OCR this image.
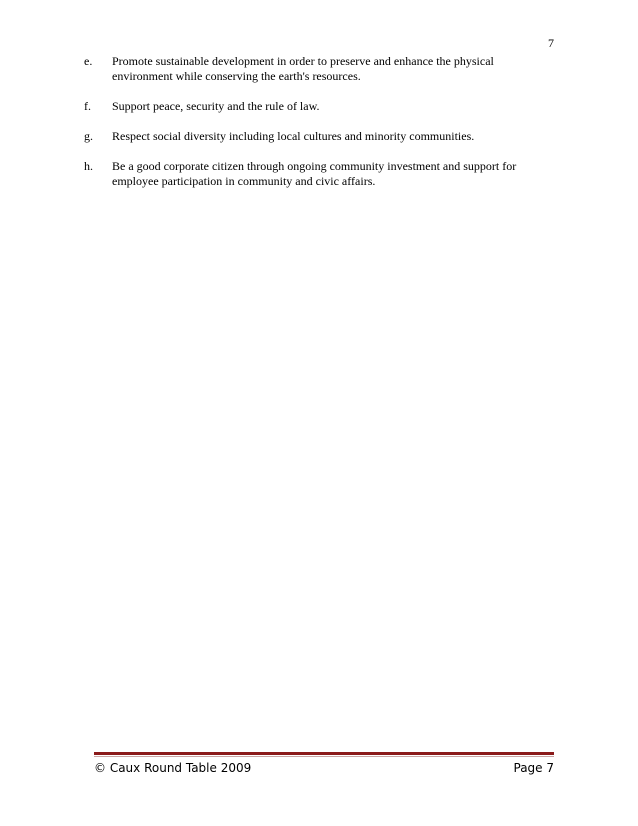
7
e.	Promote sustainable development in order to preserve and enhance the physical environment while conserving the earth's resources.
f.	Support peace, security and the rule of law.
g.	Respect social diversity including local cultures and minority communities.
h.	Be a good corporate citizen through ongoing community investment and support for employee participation in community and civic affairs.
© Caux Round Table 2009	Page 7
